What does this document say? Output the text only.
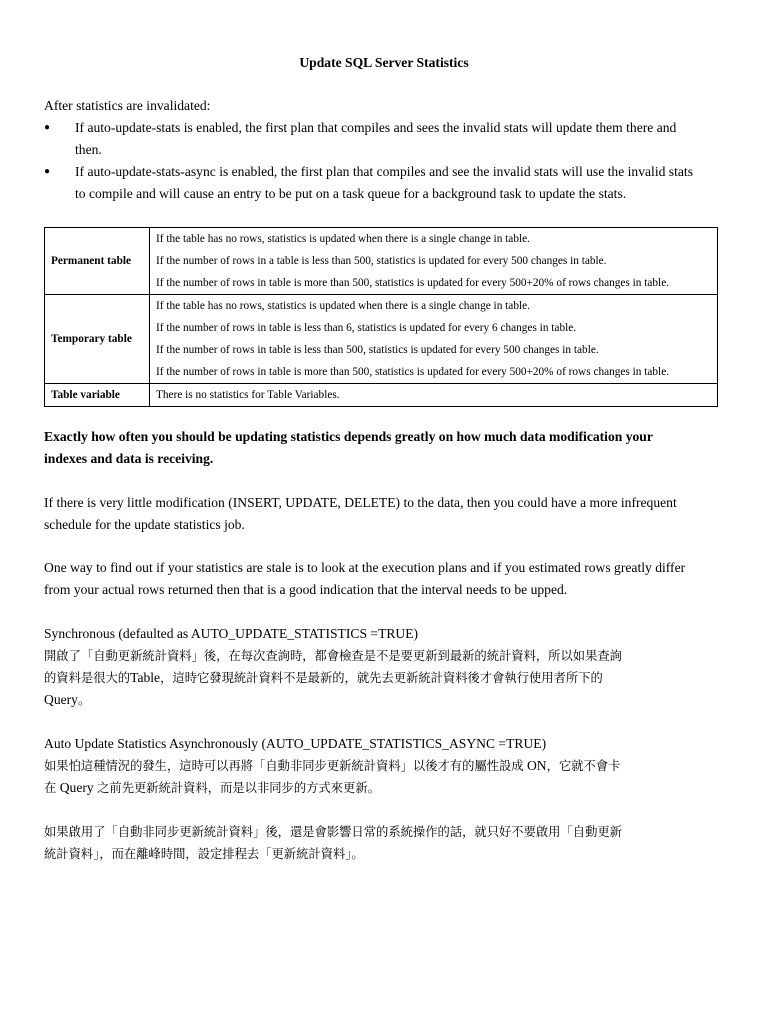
Update SQL Server Statistics
After statistics are invalidated:
● If auto-update-stats is enabled, the first plan that compiles and sees the invalid stats will update them there and
then.
● If auto-update-stats-async is enabled, the first plan that compiles and see the invalid stats will use the invalid stats
to compile and will cause an entry to be put on a task queue for a background task to update the stats.
Permanent table	If the table has no rows, statistics is updated when there is a single change in table.
If the number of rows in a table is less than 500, statistics is updated for every 500 changes in table.
If the number of rows in table is more than 500, statistics is updated for every 500+20% of rows changes in table.

Temporary table	If the table has no rows, statistics is updated when there is a single change in table.
If the number of rows in table is less than 6, statistics is updated for every 6 changes in table.
If the number of rows in table is less than 500, statistics is updated for every 500 changes in table.
If the number of rows in table is more than 500, statistics is updated for every 500+20% of rows changes in table.

Table variable	There is no statistics for Table Variables.
Exactly how often you should be updating statistics depends greatly on how much data modification your
indexes and data is receiving.
If there is very little modification (INSERT, UPDATE, DELETE) to the data, then you could have a more infrequent
schedule for the update statistics job.
One way to find out if your statistics are stale is to look at the execution plans and if you estimated rows greatly differ
from your actual rows returned then that is a good indication that the interval needs to be upped.
Synchronous (defaulted as AUTO_UPDATE_STATISTICS =TRUE)
開啟了「自動更新統計資料」後，在每次查詢時，都會檢查是不是要更新到最新的統計資料，所以如果查詢
的資料是很大的Table，這時它發現統計資料不是最新的，就先去更新統計資料後才會執行使用者所下的
Query。
Auto Update Statistics Asynchronously (AUTO_UPDATE_STATISTICS_ASYNC =TRUE)
如果怕這種情況的發生，這時可以再將「自動非同步更新統計資料」以後才有的屬性設成 ON，它就不會卡
在 Query 之前先更新統計資料，而是以非同步的方式來更新。
如果啟用了「自動非同步更新統計資料」後，還是會影響日常的系統操作的話，就只好不要啟用「自動更新
統計資料」，而在離峰時間，設定排程去「更新統計資料」。
